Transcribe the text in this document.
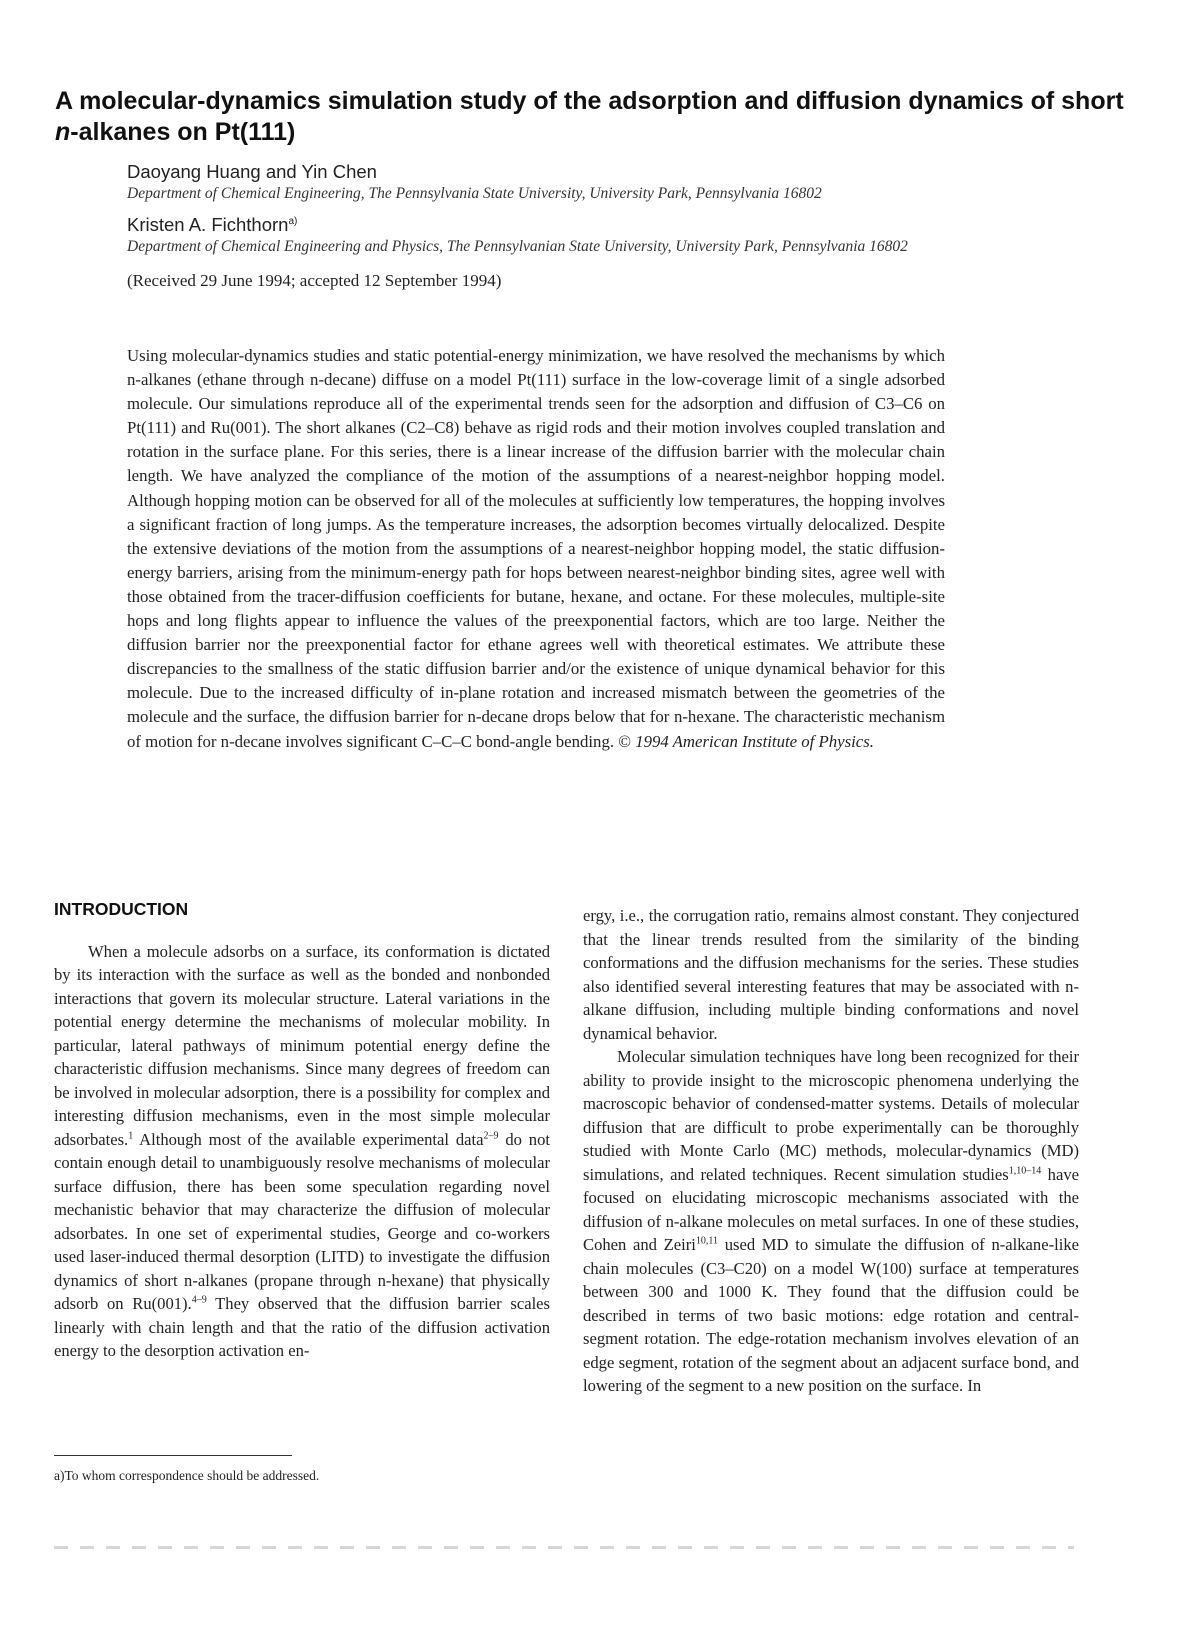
A molecular-dynamics simulation study of the adsorption and diffusion dynamics of short n-alkanes on Pt(111)
Daoyang Huang and Yin Chen
Department of Chemical Engineering, The Pennsylvania State University, University Park, Pennsylvania 16802
Kristen A. Fichthorn$^{a)}$
Department of Chemical Engineering and Physics, The Pennsylvanian State University, University Park, Pennsylvania 16802
(Received 29 June 1994; accepted 12 September 1994)

Using molecular-dynamics studies and static potential-energy minimization, we have resolved the mechanisms by which n-alkanes (ethane through n-decane) diffuse on a model Pt(111) surface in the low-coverage limit of a single adsorbed molecule. Our simulations reproduce all of the experimental trends seen for the adsorption and diffusion of C3–C6 on Pt(111) and Ru(001). The short alkanes (C2–C8) behave as rigid rods and their motion involves coupled translation and rotation in the surface plane. For this series, there is a linear increase of the diffusion barrier with the molecular chain length. We have analyzed the compliance of the motion of the assumptions of a nearest-neighbor hopping model. Although hopping motion can be observed for all of the molecules at sufficiently low temperatures, the hopping involves a significant fraction of long jumps. As the temperature increases, the adsorption becomes virtually delocalized. Despite the extensive deviations of the motion from the assumptions of a nearest-neighbor hopping model, the static diffusion-energy barriers, arising from the minimum-energy path for hops between nearest-neighbor binding sites, agree well with those obtained from the tracer-diffusion coefficients for butane, hexane, and octane. For these molecules, multiple-site hops and long flights appear to influence the values of the preexponential factors, which are too large. Neither the diffusion barrier nor the preexponential factor for ethane agrees well with theoretical estimates. We attribute these discrepancies to the smallness of the static diffusion barrier and/or the existence of unique dynamical behavior for this molecule. Due to the increased difficulty of in-plane rotation and increased mismatch between the geometries of the molecule and the surface, the diffusion barrier for n-decane drops below that for n-hexane. The characteristic mechanism of motion for n-decane involves significant C–C–C bond-angle bending. © 1994 American Institute of Physics.

INTRODUCTION

When a molecule adsorbs on a surface, its conformation is dictated by its interaction with the surface as well as the bonded and nonbonded interactions that govern its molecular structure. Lateral variations in the potential energy determine the mechanisms of molecular mobility. In particular, lateral pathways of minimum potential energy define the characteristic diffusion mechanisms. Since many degrees of freedom can be involved in molecular adsorption, there is a possibility for complex and interesting diffusion mechanisms, even in the most simple molecular adsorbates.$^1$ Although most of the available experimental data$^{2-9}$ do not contain enough detail to unambiguously resolve mechanisms of molecular surface diffusion, there has been some speculation regarding novel mechanistic behavior that may characterize the diffusion of molecular adsorbates. In one set of experimental studies, George and co-workers used laser-induced thermal desorption (LITD) to investigate the diffusion dynamics of short n-alkanes (propane through n-hexane) that physically adsorb on Ru(001).$^{4-9}$ They observed that the diffusion barrier scales linearly with chain length and that the ratio of the diffusion activation energy to the desorption activation en-

ergy, i.e., the corrugation ratio, remains almost constant. They conjectured that the linear trends resulted from the similarity of the binding conformations and the diffusion mechanisms for the series. These studies also identified several interesting features that may be associated with n-alkane diffusion, including multiple binding conformations and novel dynamical behavior.

Molecular simulation techniques have long been recognized for their ability to provide insight to the microscopic phenomena underlying the macroscopic behavior of condensed-matter systems. Details of molecular diffusion that are difficult to probe experimentally can be thoroughly studied with Monte Carlo (MC) methods, molecular-dynamics (MD) simulations, and related techniques. Recent simulation studies$^{1,10-14}$ have focused on elucidating microscopic mechanisms associated with the diffusion of n-alkane molecules on metal surfaces. In one of these studies, Cohen and Zeiri$^{10,11}$ used MD to simulate the diffusion of n-alkane-like chain molecules (C3–C20) on a model W(100) surface at temperatures between 300 and 1000 K. They found that the diffusion could be described in terms of two basic motions: edge rotation and central-segment rotation. The edge-rotation mechanism involves elevation of an edge segment, rotation of the segment about an adjacent surface bond, and lowering of the segment to a new position on the surface. In

a)To whom correspondence should be addressed.
